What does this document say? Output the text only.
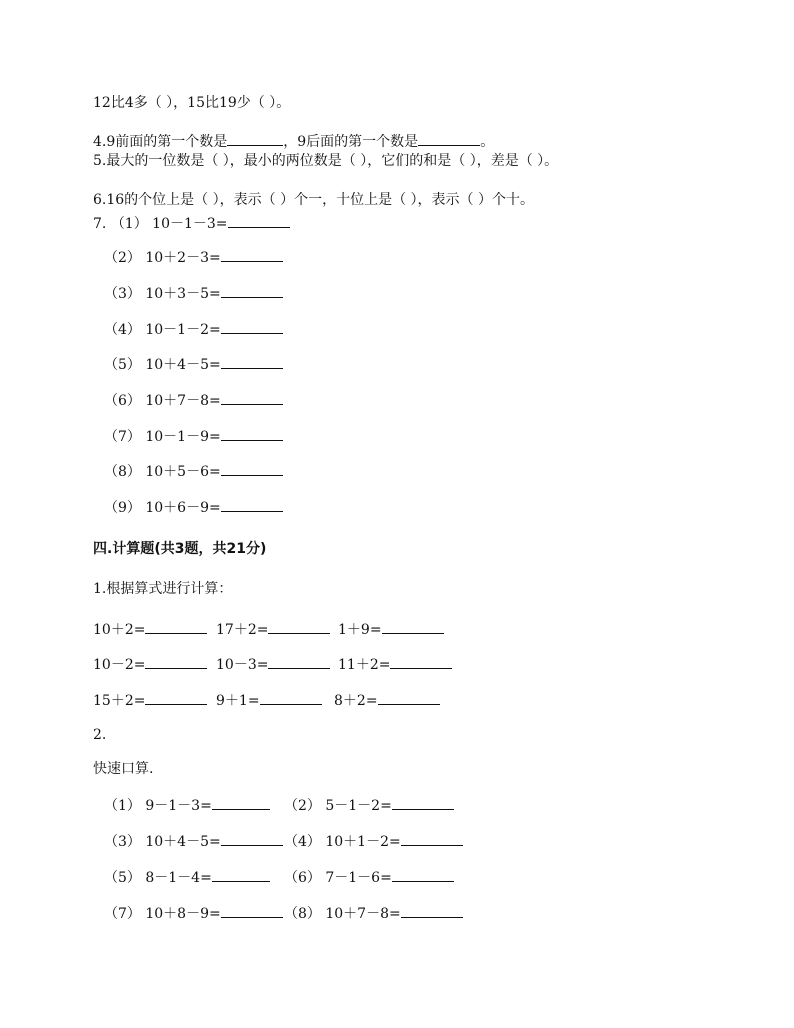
12比4多（ ），15比19少（ ）。
4.9前面的第一个数是	，9后面的第一个数是	。
5.最大的一位数是（ ），最小的两位数是（ ），它们的和是（ ），差是（ ）。
6.16的个位上是（ ），表示（ ）个一，十位上是（ ），表示（ ）个十。
7. （1） 10－1－3=
（2） 10＋2－3=
（3） 10＋3－5=
（4） 10－1－2=
（5） 10＋4－5=
（6） 10＋7－8=
（7） 10－1－9=
（8） 10＋5－6=
（9） 10＋6－9=
四.计算题(共3题，共21分)
1.根据算式进行计算：
10＋2=	17＋2=	1＋9=
10－2=	10－3=	11＋2=
15＋2=	9＋1=	8＋2=
2.
快速口算.
（1） 9－1－3=	（2） 5－1－2=
（3） 10＋4－5=	（4） 10＋1－2=
（5） 8－1－4=	（6） 7－1－6=
（7） 10＋8－9=	（8） 10＋7－8=
